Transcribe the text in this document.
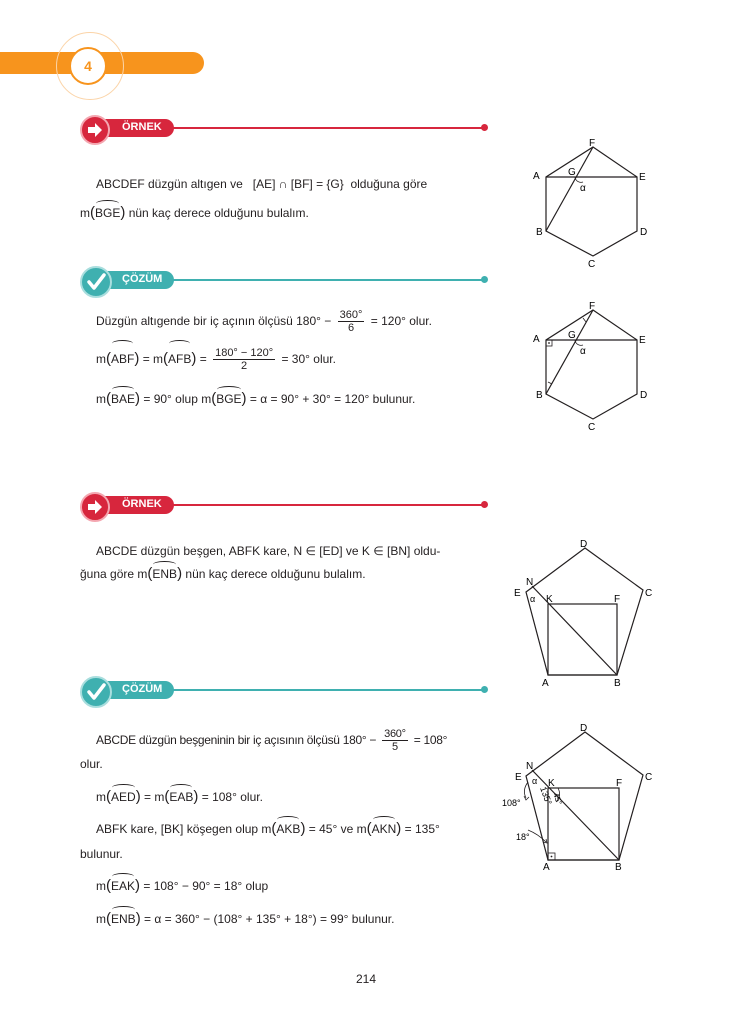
4
ÖRNEK
ABCDEF düzgün altıgen ve [AE] ∩ [BF] = {G} olduğuna göre
m(BGE) nün kaç derece olduğunu bulalım.
F
A	E
G
α
B	D
C
ÇÖZÜM
Düzgün altıgende bir iç açının ölçüsü $180^\circ - \frac{360^\circ}{6} = 120^\circ$ olur.
$m(ABF) = m(AFB) = \frac{180^\circ - 120^\circ}{2} = 30^\circ$ olur.
m(BAE) = 90° olup m(BGE) = α = 90° + 30° = 120° bulunur.
F
A	E
G
α
B	D
C
ÖRNEK
ABCDE düzgün beşgen, ABFK kare, N ∈ [ED] ve K ∈ [BN] oldu-
ğuna göre m(ENB) nün kaç derece olduğunu bulalım.
D
N
E α K	F
C
A	B
ÇÖZÜM
ABCDE düzgün beşgeninin bir iç açısının ölçüsü $180^\circ - \frac{360^\circ}{5} = 108^\circ$
olur.
m(AED) = m(EAB) = 108° olur.
ABFK kare, [BK] köşegen olup m(AKB) = 45° ve m(AKN) = 135°
bulunur.
m(EAK) = 108° − 90° = 18° olup
m(ENB) = α = 360° − (108° + 135° + 18°) = 99° bulunur.
D
N
E α K	F
C
135°
45°
108°
18°
A	B
214
